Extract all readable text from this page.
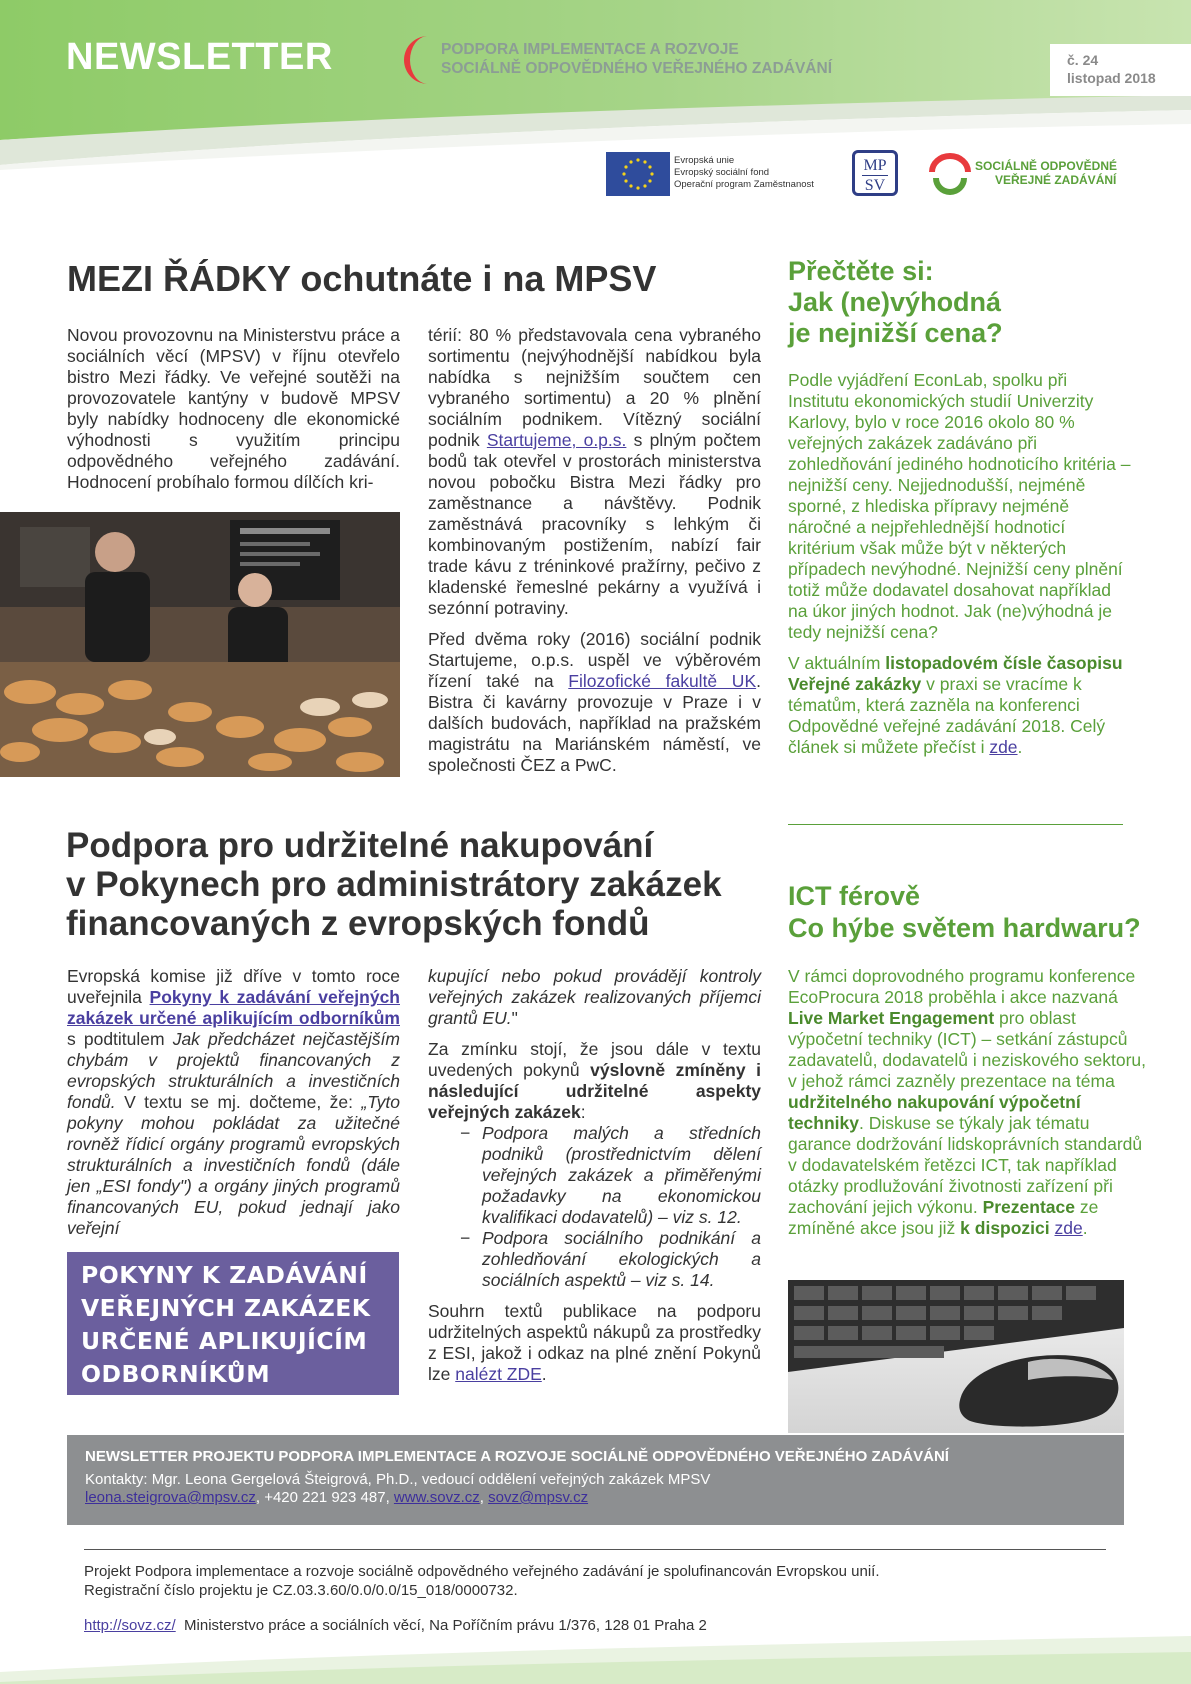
NEWSLETTER	PODPORA IMPLEMENTACE A ROZVOJE
SOCIÁLNĚ ODPOVĚDNÉHO VEŘEJNÉHO ZADÁVÁNÍ	č. 24
listopad 2018
Evropská unie
Evropský sociální fond
Operační program Zaměstnanost
MP
SV
SOCIÁLNĚ ODPOVĚDNÉ
VEŘEJNÉ ZADÁVÁNÍ
MEZI ŘÁDKY ochutnáte i na MPSV

Novou provozovnu na Ministerstvu práce a sociálních věcí (MPSV) v říjnu otevřelo bistro Mezi řádky. Ve veřejné soutěži na provozovatele kantýny v budově MPSV byly nabídky hodnoceny dle ekonomické výhodnosti s využitím principu odpovědného veřejného zadávání. Hodnocení probíhalo formou dílčích kri-

térií: 80 % představovala cena vybraného sortimentu (nejvýhodnější nabídkou byla nabídka s nejnižším součtem cen vybraného sortimentu) a 20 % plnění sociálním podnikem. Vítězný sociální podnik Startujeme, o.p.s. s plným počtem bodů tak otevřel v prostorách ministerstva novou pobočku Bistra Mezi řádky pro zaměstnance a návštěvy. Podnik zaměstnává pracovníky s lehkým či kombinovaným postižením, nabízí fair trade kávu z tréninkové pražírny, pečivo z kladenské řemeslné pekárny a využívá i sezónní potraviny.

Před dvěma roky (2016) sociální podnik Startujeme, o.p.s. uspěl ve výběrovém řízení také na Filozofické fakultě UK. Bistra či kavárny provozuje v Praze i v dalších budovách, například na pražském magistrátu na Mariánském náměstí, ve společnosti ČEZ a PwC.

Přečtěte si:
Jak (ne)výhodná
je nejnižší cena?

Podle vyjádření EconLab, spolku při Institutu ekonomických studií Univerzity Karlovy, bylo v roce 2016 okolo 80 % veřejných zakázek zadáváno při zohledňování jediného hodnoticího kritéria – nejnižší ceny. Nejjednodušší, nejméně sporné, z hlediska přípravy nejméně náročné a nejpřehlednější hodnoticí kritérium však může být v některých případech nevýhodné. Nejnižší ceny plnění totiž může dodavatel dosahovat například na úkor jiných hodnot. Jak (ne)výhodná je tedy nejnižší cena?

V aktuálním listopadovém čísle časopisu Veřejné zakázky v praxi se vracíme k tématům, která zazněla na konferenci Odpovědné veřejné zadávání 2018. Celý článek si můžete přečíst i zde.

Podpora pro udržitelné nakupování
v Pokynech pro administrátory zakázek
financovaných z evropských fondů

Evropská komise již dříve v tomto roce uveřejnila Pokyny k zadávání veřejných zakázek určené aplikujícím odborníkům s podtitulem Jak předcházet nejčastějším chybám v projektů financovaných z evropských strukturálních a investičních fondů. V textu se mj. dočteme, že: „Tyto pokyny mohou pokládat za užitečné rovněž řídicí orgány programů evropských strukturálních a investičních fondů (dále jen „ESI fondy") a orgány jiných programů financovaných EU, pokud jednají jako veřejní

POKYNY K ZADÁVÁNÍ
VEŘEJNÝCH ZAKÁZEK
URČENÉ APLIKUJÍCÍM
ODBORNÍKŮM

kupující nebo pokud provádějí kontroly veřejných zakázek realizovaných příjemci grantů EU."

Za zmínku stojí, že jsou dále v textu uvedených pokynů výslovně zmíněny i následující udržitelné aspekty veřejných zakázek:

− Podpora malých a středních podniků (prostřednictvím dělení veřejných zakázek a přiměřenými požadavky na ekonomickou kvalifikaci dodavatelů) – viz s. 12.
− Podpora sociálního podnikání a zohledňování ekologických a sociálních aspektů – viz s. 14.

Souhrn textů publikace na podporu udržitelných aspektů nákupů za prostředky z ESI, jakož i odkaz na plné znění Pokynů lze nalézt ZDE.

ICT férově
Co hýbe světem hardwaru?

V rámci doprovodného programu konference EcoProcura 2018 proběhla i akce nazvaná Live Market Engagement pro oblast výpočetní techniky (ICT) – setkání zástupců zadavatelů, dodavatelů i neziskového sektoru, v jehož rámci zazněly prezentace na téma udržitelného nakupování výpočetní techniky. Diskuse se týkaly jak tématu garance dodržování lidskoprávních standardů v dodavatelském řetězci ICT, tak například otázky prodlužování životnosti zařízení při zachování jejich výkonu. Prezentace ze zmíněné akce jsou již k dispozici zde.

NEWSLETTER PROJEKTU PODPORA IMPLEMENTACE A ROZVOJE SOCIÁLNĚ ODPOVĚDNÉHO VEŘEJNÉHO ZADÁVÁNÍ
Kontakty: Mgr. Leona Gergelová Šteigrová, Ph.D., vedoucí oddělení veřejných zakázek MPSV
leona.steigrova@mpsv.cz, +420 221 923 487, www.sovz.cz, sovz@mpsv.cz
Projekt Podpora implementace a rozvoje sociálně odpovědného veřejného zadávání je spolufinancován Evropskou unií.
Registrační číslo projektu je CZ.03.3.60/0.0/0.0/15_018/0000732.
http://sovz.cz/ Ministerstvo práce a sociálních věcí, Na Poříčním právu 1/376, 128 01 Praha 2
